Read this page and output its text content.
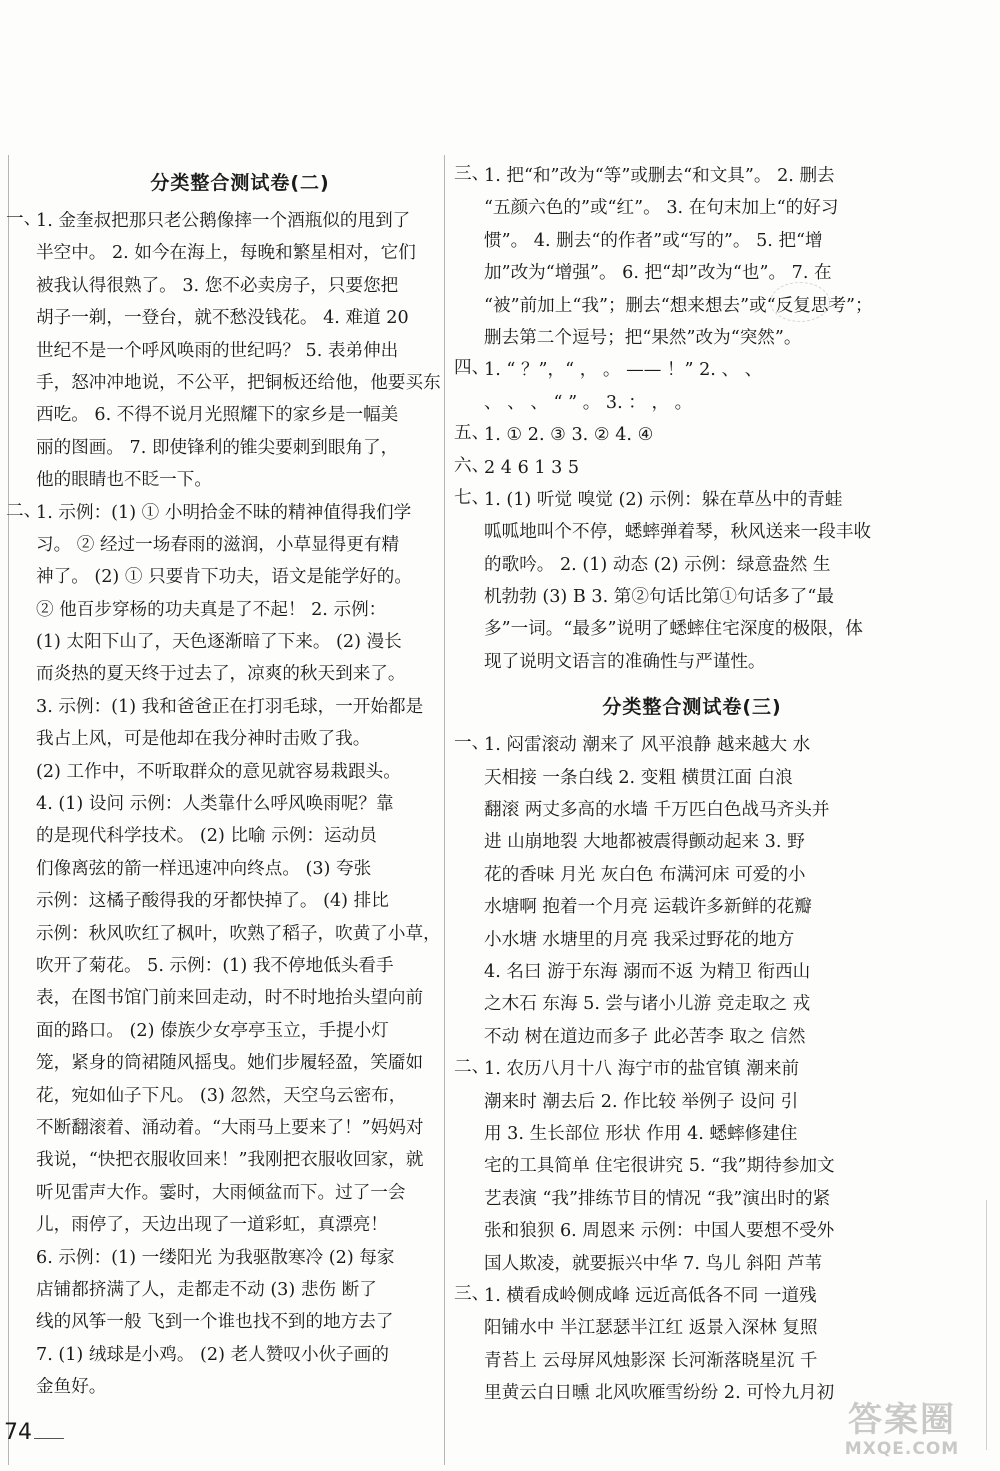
分类整合测试卷(二)
一、
1. 金奎叔把那只老公鹅像摔一个酒瓶似的甩到了
半空中。 2. 如今在海上，每晚和繁星相对，它们
被我认得很熟了。 3. 您不必卖房子，只要您把
胡子一剃，一登台，就不愁没钱花。 4. 难道 20
世纪不是一个呼风唤雨的世纪吗？ 5. 表弟伸出
手，怒冲冲地说，不公平，把铜板还给他，他要买东
西吃。 6. 不得不说月光照耀下的家乡是一幅美
丽的图画。 7. 即使锋利的锥尖要刺到眼角了，
他的眼睛也不眨一下。
二、
1. 示例：(1) ① 小明拾金不昧的精神值得我们学
习。 ② 经过一场春雨的滋润，小草显得更有精
神了。 (2) ① 只要肯下功夫，语文是能学好的。
② 他百步穿杨的功夫真是了不起！ 2. 示例：
(1) 太阳下山了，天色逐渐暗了下来。 (2) 漫长
而炎热的夏天终于过去了，凉爽的秋天到来了。
3. 示例：(1) 我和爸爸正在打羽毛球，一开始都是
我占上风，可是他却在我分神时击败了我。
(2) 工作中，不听取群众的意见就容易栽跟头。
4. (1) 设问 示例：人类靠什么呼风唤雨呢？靠
的是现代科学技术。 (2) 比喻 示例：运动员
们像离弦的箭一样迅速冲向终点。 (3) 夸张
示例：这橘子酸得我的牙都快掉了。 (4) 排比
示例：秋风吹红了枫叶，吹熟了稻子，吹黄了小草，
吹开了菊花。 5. 示例：(1) 我不停地低头看手
表，在图书馆门前来回走动，时不时地抬头望向前
面的路口。 (2) 傣族少女亭亭玉立，手提小灯
笼，紧身的筒裙随风摇曳。她们步履轻盈，笑靥如
花，宛如仙子下凡。 (3) 忽然，天空乌云密布，
不断翻滚着、涌动着。“大雨马上要来了！”妈妈对
我说，“快把衣服收回来！”我刚把衣服收回家，就
听见雷声大作。霎时，大雨倾盆而下。过了一会
儿，雨停了，天边出现了一道彩虹，真漂亮！
6. 示例：(1) 一缕阳光 为我驱散寒冷 (2) 每家
店铺都挤满了人，走都走不动 (3) 悲伤 断了
线的风筝一般 飞到一个谁也找不到的地方去了
7. (1) 绒球是小鸡。 (2) 老人赞叹小伙子画的
金鱼好。
三、
1. 把“和”改为“等”或删去“和文具”。 2. 删去
“五颜六色的”或“红”。 3. 在句末加上“的好习
惯”。 4. 删去“的作者”或“写的”。 5. 把“增
加”改为“增强”。 6. 把“却”改为“也”。 7. 在
“被”前加上“我”；删去“想来想去”或“反复思考”；
删去第二个逗号；把“果然”改为“突然”。
四、
1. “ ？”，“ ， 。 —— ！” 2. 、 、
、 、 、 “ ” 。 3. ： ， 。
五、
1. ① 2. ③ 3. ② 4. ④
六、
2 4 6 1 3 5
七、
1. (1) 听觉 嗅觉 (2) 示例：躲在草丛中的青蛙
呱呱地叫个不停，蟋蟀弹着琴，秋风送来一段丰收
的歌吟。 2. (1) 动态 (2) 示例：绿意盎然 生
机勃勃 (3) B 3. 第②句话比第①句话多了“最
多”一词。“最多”说明了蟋蟀住宅深度的极限，体
现了说明文语言的准确性与严谨性。
分类整合测试卷(三)
一、
1. 闷雷滚动 潮来了 风平浪静 越来越大 水
天相接 一条白线 2. 变粗 横贯江面 白浪
翻滚 两丈多高的水墙 千万匹白色战马齐头并
进 山崩地裂 大地都被震得颤动起来 3. 野
花的香味 月光 灰白色 布满河床 可爱的小
水塘啊 抱着一个月亮 运载许多新鲜的花瓣
小水塘 水塘里的月亮 我采过野花的地方
4. 名曰 游于东海 溺而不返 为精卫 衔西山
之木石 东海 5. 尝与诸小儿游 竞走取之 戎
不动 树在道边而多子 此必苦李 取之 信然
二、
1. 农历八月十八 海宁市的盐官镇 潮来前
潮来时 潮去后 2. 作比较 举例子 设问 引
用 3. 生长部位 形状 作用 4. 蟋蟀修建住
宅的工具简单 住宅很讲究 5. “我”期待参加文
艺表演 “我”排练节目的情况 “我”演出时的紧
张和狼狈 6. 周恩来 示例：中国人要想不受外
国人欺凌，就要振兴中华 7. 鸟儿 斜阳 芦苇
三、
1. 横看成岭侧成峰 远近高低各不同 一道残
阳铺水中 半江瑟瑟半江红 返景入深林 复照
青苔上 云母屏风烛影深 长河渐落晓星沉 千
里黄云白日曛 北风吹雁雪纷纷 2. 可怜九月初
74	答案圈
MXQE.COM
